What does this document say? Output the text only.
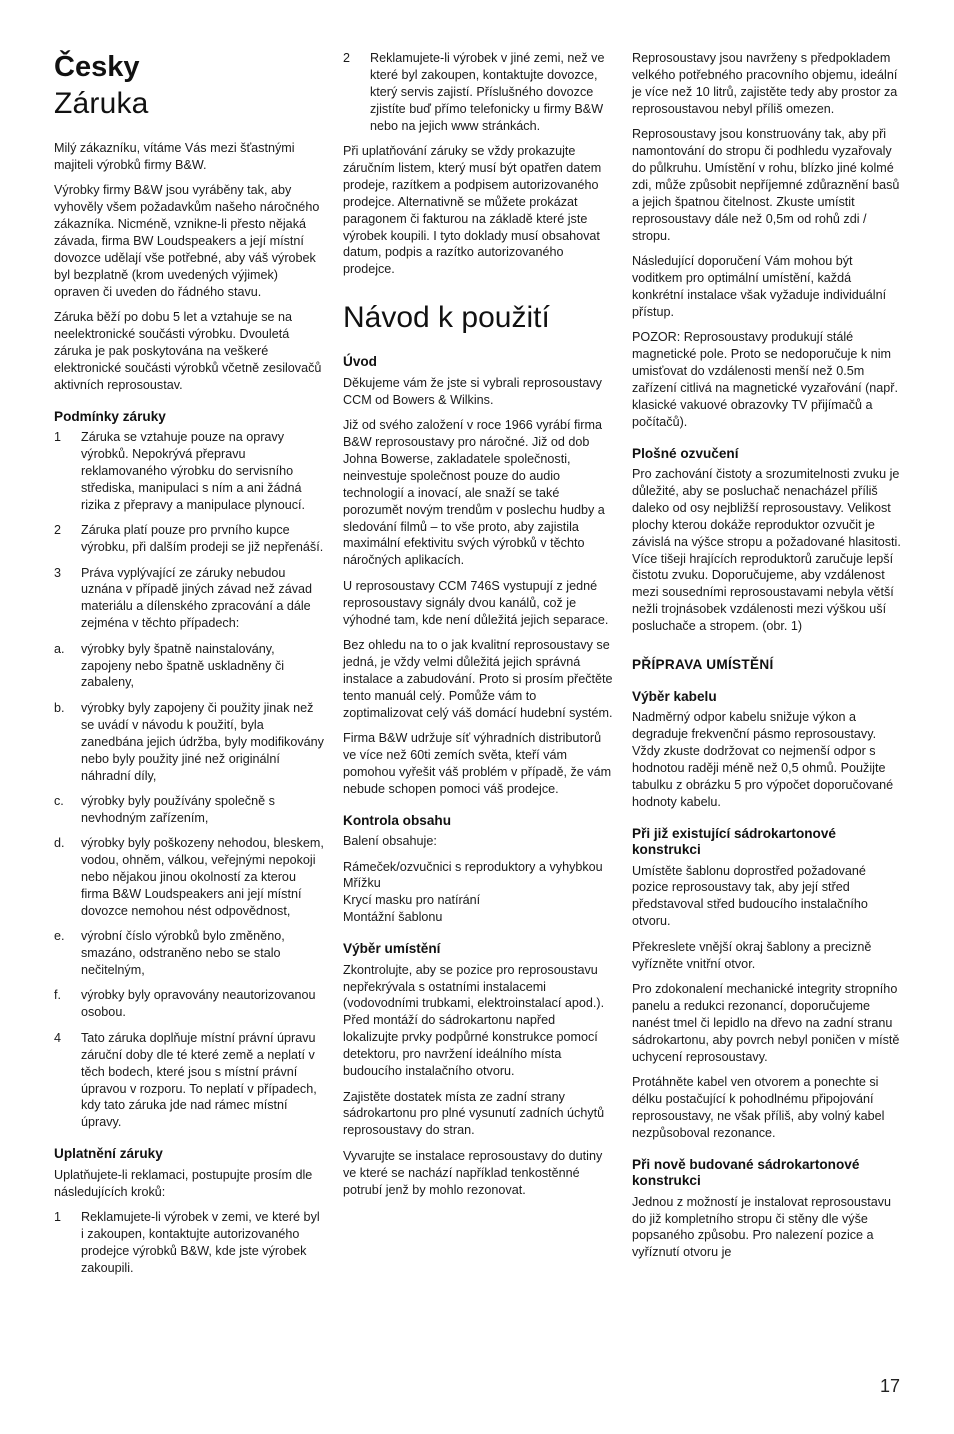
Česky
Záruka

Milý zákazníku, vítáme Vás mezi šťastnými majiteli výrobků firmy B&W.

Výrobky firmy B&W jsou vyráběny tak, aby vyhověly všem požadavkům našeho náročného zákazníka. Nicméně, vznikne-li přesto nějaká závada, firma BW Loudspeakers a její místní dovozce udělají vše potřebné, aby váš výrobek byl bezplatně (krom uvedených výjimek) opraven či uveden do řádného stavu.

Záruka běží po dobu 5 let a vztahuje se na neelektronické součásti výrobku. Dvouletá záruka je pak poskytována na veškeré elektronické součásti výrobků včetně zesilovačů aktivních reprosoustav.

Podmínky záruky
1	Záruka se vztahuje pouze na opravy výrobků. Nepokrývá přepravu reklamovaného výrobku do servisního střediska, manipulaci s ním a ani žádná rizika z přepravy a manipulace plynoucí.
2	Záruka platí pouze pro prvního kupce výrobku, při dalším prodeji se již nepřenáší.
3	Práva vyplývající ze záruky nebudou uznána v případě jiných závad než závad materiálu a dílenského zpracování a dále zejména v těchto případech:
a.	výrobky byly špatně nainstalovány, zapojeny nebo špatně uskladněny či zabaleny,
b.	výrobky byly zapojeny či použity jinak než se uvádí v návodu k použití, byla zanedbána jejich údržba, byly modifikovány nebo byly použity jiné než originální náhradní díly,
c.	výrobky byly používány společně s nevhodným zařízením,
d.	výrobky byly poškozeny nehodou, bleskem, vodou, ohněm, válkou, veřejnými nepokoji nebo nějakou jinou okolností za kterou firma B&W Loudspeakers ani její místní dovozce nemohou nést odpovědnost,
e.	výrobní číslo výrobků bylo změněno, smazáno, odstraněno nebo se stalo nečitelným,
f.	výrobky byly opravovány neautorizovanou osobou.
4	Tato záruka doplňuje místní právní úpravu záruční doby dle té které země a neplatí v těch bodech, které jsou s místní právní úpravou v rozporu. To neplatí v případech, kdy tato záruka jde nad rámec místní úpravy.
Uplatnění záruky

Uplatňujete-li reklamaci, postupujte prosím dle následujících kroků:

1	Reklamujete-li výrobek v zemi, ve které byl i zakoupen, kontaktujte autorizovaného prodejce výrobků B&W, kde jste výrobek zakoupili.
2	Reklamujete-li výrobek v jiné zemi, než ve které byl zakoupen, kontaktujte dovozce, který servis zajistí. Příslušného dovozce zjistíte buď přímo telefonicky u firmy B&W nebo na jejich www stránkách.

Při uplatňování záruky se vždy prokazujte záručním listem, který musí být opatřen datem prodeje, razítkem a podpisem autorizovaného prodejce. Alternativně se můžete prokázat paragonem či fakturou na základě které jste výrobek koupili. I tyto doklady musí obsahovat datum, podpis a razítko autorizovaného prodejce.

Návod k použití
Úvod

Děkujeme vám že jste si vybrali reprosoustavy CCM od Bowers & Wilkins.

Již od svého založení v roce 1966 vyrábí firma B&W reprosoustavy pro náročné. Již od dob Johna Bowerse, zakladatele společnosti, neinvestuje společnost pouze do audio technologií a inovací, ale snaží se také porozumět novým trendům v poslechu hudby a sledování filmů – to vše proto, aby zajistila maximální efektivitu svých výrobků v těchto náročných aplikacích.

U reprosoustavy CCM 746S vystupují z jedné reprosoustavy signály dvou kanálů, což je výhodné tam, kde není důležitá jejich separace.

Bez ohledu na to o jak kvalitní reprosoustavy se jedná, je vždy velmi důležitá jejich správná instalace a zabudování. Proto si prosím přečtěte tento manuál celý. Pomůže vám to zoptimalizovat celý váš domácí hudební systém.

Firma B&W udržuje síť výhradních distributorů ve více než 60ti zemích světa, kteří vám pomohou vyřešit váš problém v případě, že vám nebude schopen pomoci váš prodejce.

Kontrola obsahu

Balení obsahuje:

Rámeček/ozvučnici s reproduktory a vyhybkou

Mřížku

Krycí masku pro natírání

Montážní šablonu

Výběr umístění

Zkontrolujte, aby se pozice pro reprosoustavu nepřekrývala s ostatními instalacemi (vodovodními trubkami, elektroinstalací apod.). Před montáží do sádrokartonu napřed lokalizujte prvky podpůrné konstrukce pomocí detektoru, pro navržení ideálního místa budoucího instalačního otvoru.

Zajistěte dostatek místa ze zadní strany sádrokartonu pro plné vysunutí zadních úchytů reprosoustavy do stran.

Vyvarujte se instalace reprosoustavy do dutiny ve které se nachází například tenkostěnné potrubí jenž by mohlo rezonovat.

Reprosoustavy jsou navrženy s předpokladem velkého potřebného pracovního objemu, ideální je více než 10 litrů, zajistěte tedy aby prostor za reprosoustavou nebyl příliš omezen.

Reprosoustavy jsou konstruovány tak, aby při namontování do stropu či podhledu vyzařovaly do půlkruhu. Umístění v rohu, blízko jiné kolmé zdi, může způsobit nepříjemné zdůraznění basů a jejich špatnou čitelnost. Zkuste umístit reprosoustavy dále než 0,5m od rohů zdi / stropu.

Následující doporučení Vám mohou být voditkem pro optimální umístění, každá konkrétní instalace však vyžaduje individuální přístup.

POZOR: Reprosoustavy produkují stálé magnetické pole. Proto se nedoporučuje k nim umisťovat do vzdálenosti menší než 0.5m zařízení citlivá na magnetické vyzařování (např. klasické vakuové obrazovky TV přijímačů a počítačů).

Plošné ozvučení

Pro zachování čistoty a srozumitelnosti zvuku je důležité, aby se posluchač nenacházel příliš daleko od osy nejbližší reprosoustavy. Velikost plochy kterou dokáže reproduktor ozvučit je závislá na výšce stropu a požadované hlasitosti. Více tišeji hrajících reproduktorů zaručuje lepší čistotu zvuku. Doporučujeme, aby vzdálenost mezi sousedními reprosoustavami nebyla větší nežli trojnásobek vzdálenosti mezi výškou uší posluchače a stropem. (obr. 1)

PŘÍPRAVA UMÍSTĚNÍ
Výběr kabelu

Nadměrný odpor kabelu snižuje výkon a degraduje frekvenční pásmo reprosoustavy. Vždy zkuste dodržovat co nejmenší odpor s hodnotou raději méně než 0,5 ohmů. Použijte tabulku z obrázku 5 pro výpočet doporučované hodnoty kabelu.

Při již existující sádrokartonové konstrukci

Umístěte šablonu doprostřed požadované pozice reprosoustavy tak, aby její střed představoval střed budoucího instalačního otvoru.

Překreslete vnější okraj šablony a precizně vyřízněte vnitřní otvor.

Pro zdokonalení mechanické integrity stropního panelu a redukci rezonancí, doporučujeme nanést tmel či lepidlo na dřevo na zadní stranu sádrokartonu, aby povrch nebyl poničen v místě uchycení reprosoustavy.

Protáhněte kabel ven otvorem a ponechte si délku postačující k pohodlnému připojování reprosoustavy, ne však příliš, aby volný kabel nezpůsoboval rezonance.

Při nově budované sádrokartonové konstrukci

Jednou z možností je instalovat reprosoustavu do již kompletního stropu či stěny dle výše popsaného způsobu. Pro nalezení pozice a vyříznutí otvoru je

17
